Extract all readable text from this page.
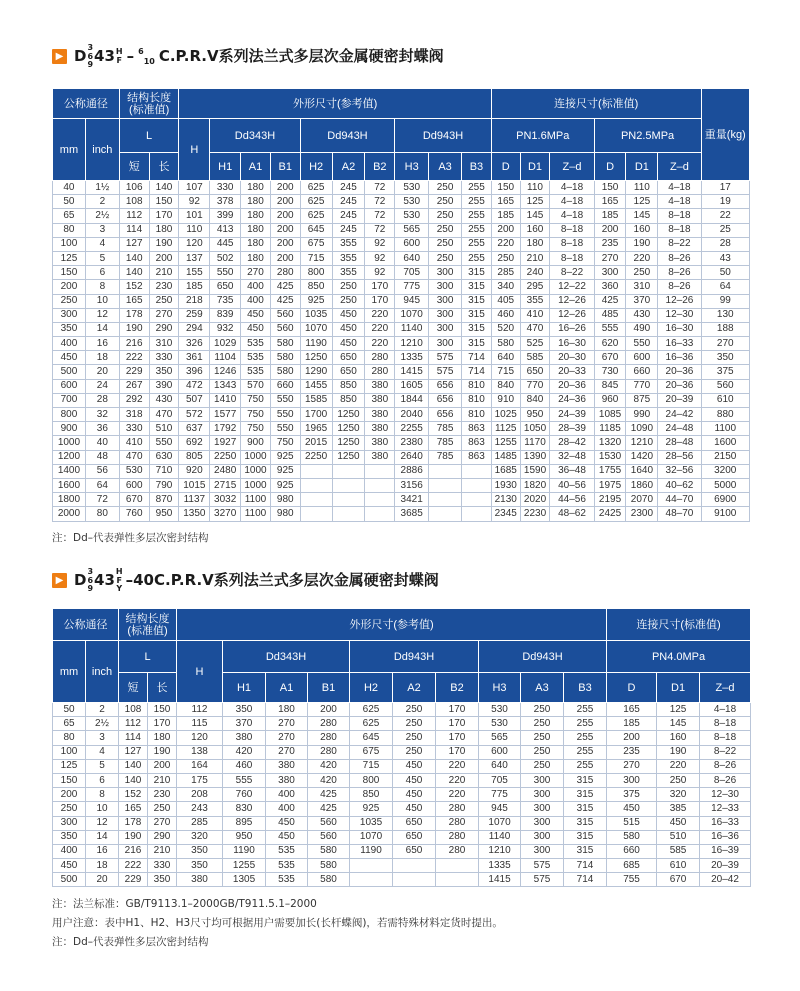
▶ D 3
6
9 43 H
F – $^6_{10}$ C.P.R.V系列法兰式多层次金属硬密封蝶阀
公称通径		结构长度(标准值)		外形尺寸(参考值)										连接尺寸(标准值)						重量(kg)
mm	inch	L		H	Dd343H			Dd943H			Dd943H			PN1.6MPa			PN2.5MPa			
		短	长		H1	A1	B1	H2	A2	B2	H3	A3	B3	D	D1	Z–d	D	D1	Z–d	
40	1½	106	140	107	330	180	200	625	245	72	530	250	255	150	110	4–18	150	110	4–18	17
50	2	108	150	92	378	180	200	625	245	72	530	250	255	165	125	4–18	165	125	4–18	19
65	2½	112	170	101	399	180	200	625	245	72	530	250	255	185	145	4–18	185	145	8–18	22
80	3	114	180	110	413	180	200	645	245	72	565	250	255	200	160	8–18	200	160	8–18	25
100	4	127	190	120	445	180	200	675	355	92	600	250	255	220	180	8–18	235	190	8–22	28
125	5	140	200	137	502	180	200	715	355	92	640	250	255	250	210	8–18	270	220	8–26	43
150	6	140	210	155	550	270	280	800	355	92	705	300	315	285	240	8–22	300	250	8–26	50
200	8	152	230	185	650	400	425	850	250	170	775	300	315	340	295	12–22	360	310	8–26	64
250	10	165	250	218	735	400	425	925	250	170	945	300	315	405	355	12–26	425	370	12–26	99
300	12	178	270	259	839	450	560	1035	450	220	1070	300	315	460	410	12–26	485	430	12–30	130
350	14	190	290	294	932	450	560	1070	450	220	1140	300	315	520	470	16–26	555	490	16–30	188
400	16	216	310	326	1029	535	580	1190	450	220	1210	300	315	580	525	16–30	620	550	16–33	270
450	18	222	330	361	1104	535	580	1250	650	280	1335	575	714	640	585	20–30	670	600	16–36	350
500	20	229	350	396	1246	535	580	1290	650	280	1415	575	714	715	650	20–33	730	660	20–36	375
600	24	267	390	472	1343	570	660	1455	850	380	1605	656	810	840	770	20–36	845	770	20–36	560
700	28	292	430	507	1410	750	550	1585	850	380	1844	656	810	910	840	24–36	960	875	20–39	610
800	32	318	470	572	1577	750	550	1700	1250	380	2040	656	810	1025	950	24–39	1085	990	24–42	880
900	36	330	510	637	1792	750	550	1965	1250	380	2255	785	863	1125	1050	28–39	1185	1090	24–48	1100
1000	40	410	550	692	1927	900	750	2015	1250	380	2380	785	863	1255	1170	28–42	1320	1210	28–48	1600
1200	48	470	630	805	2250	1000	925	2250	1250	380	2640	785	863	1485	1390	32–48	1530	1420	28–56	2150
1400	56	530	710	920	2480	1000	925				2886			1685	1590	36–48	1755	1640	32–56	3200
1600	64	600	790	1015	2715	1000	925				3156			1930	1820	40–56	1975	1860	40–62	5000
1800	72	670	870	1137	3032	1100	980				3421			2130	2020	44–56	2195	2070	44–70	6900
2000	80	760	950	1350	3270	1100	980				3685			2345	2230	48–62	2425	2300	48–70	9100
注：Dd–代表弹性多层次密封结构
▶ D 3
6
9 43 H
F
Y –40C.P.R.V系列法兰式多层次金属硬密封蝶阀
公称通径		结构长度(标准值)		外形尺寸(参考值)										连接尺寸(标准值)		
mm	inch	L		H	Dd343H			Dd943H			Dd943H			PN4.0MPa		
		短	长		H1	A1	B1	H2	A2	B2	H3	A3	B3	D	D1	Z–d
50	2	108	150	112	350	180	200	625	250	170	530	250	255	165	125	4–18
65	2½	112	170	115	370	270	280	625	250	170	530	250	255	185	145	8–18
80	3	114	180	120	380	270	280	645	250	170	565	250	255	200	160	8–18
100	4	127	190	138	420	270	280	675	250	170	600	250	255	235	190	8–22
125	5	140	200	164	460	380	420	715	450	220	640	250	255	270	220	8–26
150	6	140	210	175	555	380	420	800	450	220	705	300	315	300	250	8–26
200	8	152	230	208	760	400	425	850	450	220	775	300	315	375	320	12–30
250	10	165	250	243	830	400	425	925	450	280	945	300	315	450	385	12–33
300	12	178	270	285	895	450	560	1035	650	280	1070	300	315	515	450	16–33
350	14	190	290	320	950	450	560	1070	650	280	1140	300	315	580	510	16–36
400	16	216	210	350	1190	535	580	1190	650	280	1210	300	315	660	585	16–39
450	18	222	330	350	1255	535	580				1335	575	714	685	610	20–39
500	20	229	350	380	1305	535	580				1415	575	714	755	670	20–42
注：法兰标准：GB/T9113.1–2000GB/T911.5.1–2000
用户注意：表中H1、H2、H3尺寸均可根据用户需要加长(长杆蝶阀)，若需特殊材料定货时提出。
注：Dd–代表弹性多层次密封结构
